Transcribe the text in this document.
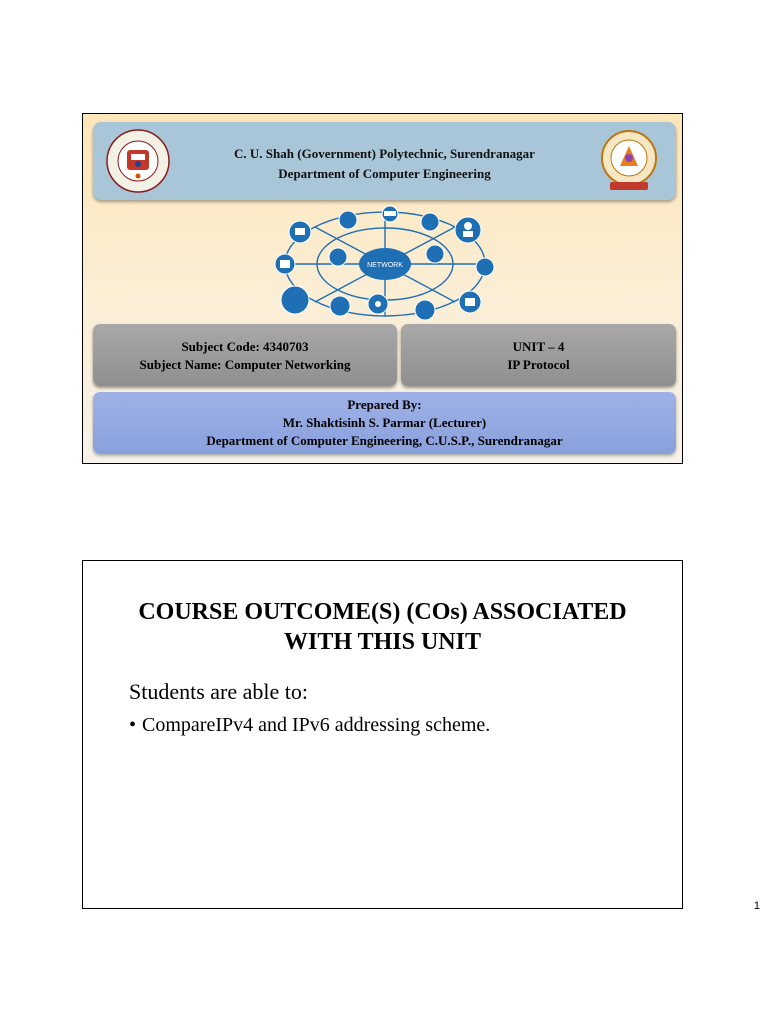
C. U. Shah (Government) Polytechnic, Surendranagar
Department of Computer Engineering
NETWORK
Subject Code: 4340703
Subject Name: Computer Networking
UNIT – 4
IP Protocol
Prepared By:
Mr. Shaktisinh S. Parmar (Lecturer)
Department of Computer Engineering, C.U.S.P., Surendranagar
COURSE OUTCOME(S) (COs) ASSOCIATED
WITH THIS UNIT
Students are able to:
• CompareIPv4 and IPv6 addressing scheme.
1
